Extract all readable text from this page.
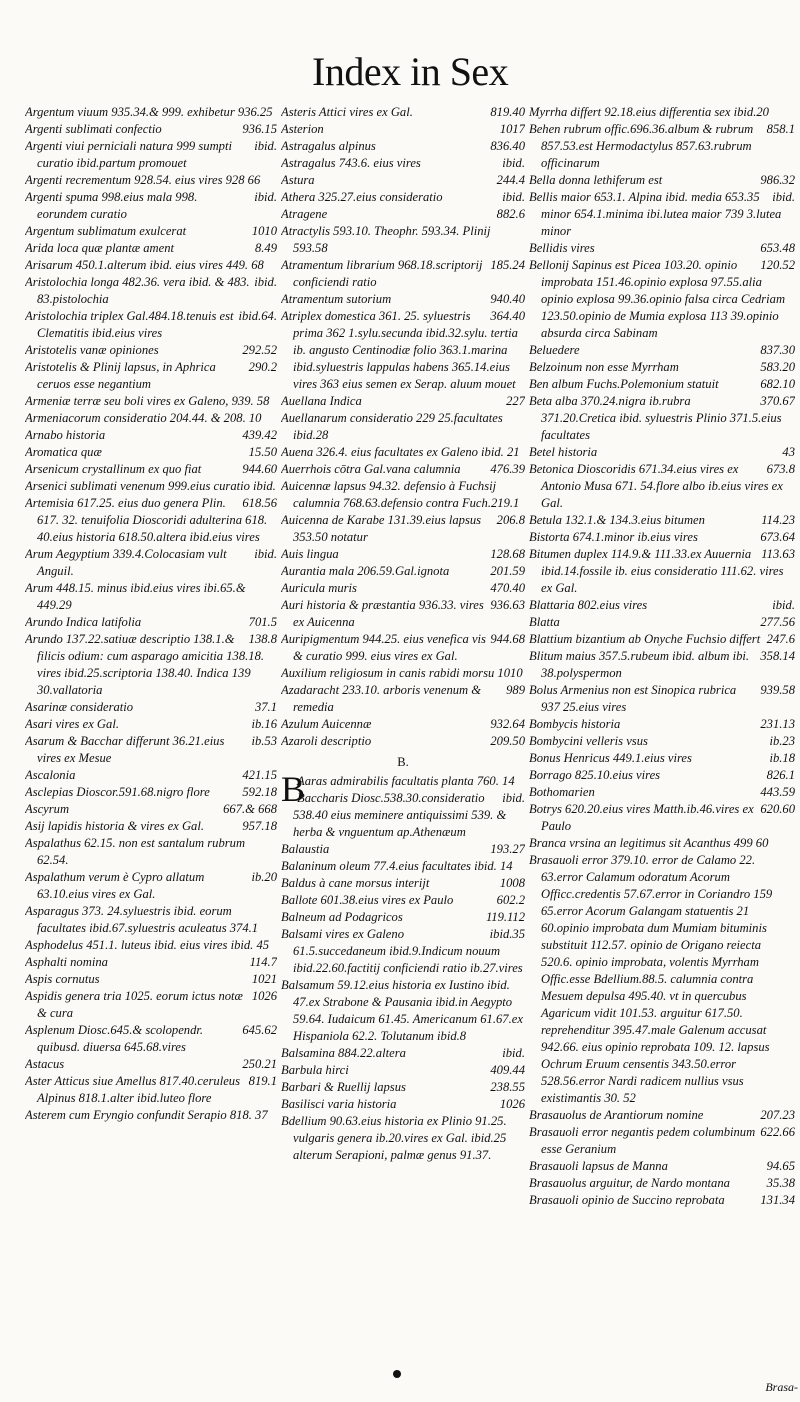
Index in Sex

Argentum viuum 935.34.& 999. exhibetur 936.25

936.15
Argenti sublimati confectio

ibid.
Argenti viui perniciali natura 999 sumpti curatio ibid.partum promouet

Argenti recrementum 928.54. eius vires 928 66

ibid.
Argenti spuma 998.eius mala 998. eorundem curatio

1010
Argentum sublimatum exulcerat

8.49
Arida loca quæ plantæ ament

Arisarum 450.1.alterum ibid. eius vires 449. 68

ibid.
Aristolochia longa 482.36. vera ibid. & 483. 83.pistolochia

ibid.64.
Aristolochia triplex Gal.484.18.tenuis est Clematitis ibid.eius vires

292.52
Aristotelis vanæ opiniones

290.2
Aristotelis & Plinij lapsus, in Aphrica ceruos esse negantium

Armeniæ terræ seu boli vires ex Galeno, 939. 58

Armeniacorum consideratio 204.44. & 208. 10

439.42
Arnabo historia

15.50
Aromatica quæ

944.60
Arsenicum crystallinum ex quo fiat

Arsenici sublimati venenum 999.eius curatio ibid.

618.56
Artemisia 617.25. eius duo genera Plin. 617. 32. tenuifolia Dioscoridi adulterina 618. 40.eius historia 618.50.altera ibid.eius vires

ibid.
Arum Aegyptium 339.4.Colocasiam vult Anguil.

Arum 448.15. minus ibid.eius vires ibi.65.& 449.29

701.5
Arundo Indica latifolia

138.8
Arundo 137.22.satiuæ descriptio 138.1.& filicis odium: cum asparago amicitia 138.18. vires ibid.25.scriptoria 138.40. Indica 139 30.vallatoria

37.1
Asarinæ consideratio

ib.16
Asari vires ex Gal.

ib.53
Asarum & Bacchar differunt 36.21.eius vires ex Mesue

421.15
Ascalonia

592.18
Asclepias Dioscor.591.68.nigro flore

667.& 668
Ascyrum

957.18
Asij lapidis historia & vires ex Gal.

Aspalathus 62.15. non est santalum rubrum 62.54.

ib.20
Aspalathum verum è Cypro allatum 63.10.eius vires ex Gal.

Asparagus 373. 24.syluestris ibid. eorum facultates ibid.67.syluestris aculeatus 374.1

Asphodelus 451.1. luteus ibid. eius vires ibid. 45

114.7
Asphalti nomina

1021
Aspis cornutus

1026
Aspidis genera tria 1025. eorum ictus notæ & cura

645.62
Asplenum Diosc.645.& scolopendr. quibusd. diuersa 645.68.vires

250.21
Astacus

819.1
Aster Atticus siue Amellus 817.40.ceruleus Alpinus 818.1.alter ibid.luteo flore

Asterem cum Eryngio confundit Serapio 818. 37

819.40
Asteris Attici vires ex Gal.

1017
Asterion

836.40
Astragalus alpinus

ibid.
Astragalus 743.6. eius vires

244.4
Astura

ibid.
Athera 325.27.eius consideratio

882.6
Atragene

Atractylis 593.10. Theophr. 593.34. Plinij 593.58

185.24
Atramentum librarium 968.18.scriptorij conficiendi ratio

940.40
Atramentum sutorium

364.40
Atriplex domestica 361. 25. syluestris prima 362 1.sylu.secunda ibid.32.sylu. tertia ib. angusto Centinodiæ folio 363.1.marina ibid.syluestris lappulas habens 365.14.eius vires 363 eius semen ex Serap. aluum mouet

227
Auellana Indica

Auellanarum consideratio 229 25.facultates ibid.28

Auena 326.4. eius facultates ex Galeno ibid. 21

476.39
Auerrhois cōtra Gal.vana calumnia

Auicennæ lapsus 94.32. defensio à Fuchsij calumnia 768.63.defensio contra Fuch.219.1

206.8
Auicenna de Karabe 131.39.eius lapsus 353.50 notatur

128.68
Auis lingua

201.59
Aurantia mala 206.59.Gal.ignota

470.40
Auricula muris

936.63
Auri historia & præstantia 936.33. vires ex Auicenna

944.68
Auripigmentum 944.25. eius venefica vis & curatio 999. eius vires ex Gal.

Auxilium religiosum in canis rabidi morsu 1010

989
Azadaracht 233.10. arboris venenum & remedia

932.64
Azulum Auicennæ

209.50
Azaroli descriptio

B.

B
Aaras admirabilis facultatis planta 760. 14

ibid.
Baccharis Diosc.538.30.consideratio 538.40 eius meminere antiquissimi 539. & herba & vnguentum ap.Athenæum

193.27
Balaustia

Balaninum oleum 77.4.eius facultates ibid. 14

1008
Baldus à cane morsus interijt

602.2
Ballote 601.38.eius vires ex Paulo

119.112
Balneum ad Podagricos

ibid.35
Balsami vires ex Galeno 61.5.succedaneum ibid.9.Indicum nouum ibid.22.60.factitij conficiendi ratio ib.27.vires

Balsamum 59.12.eius historia ex Iustino ibid. 47.ex Strabone & Pausania ibid.in Aegypto 59.64. Iudaicum 61.45. Americanum 61.67.ex Hispaniola 62.2. Tolutanum ibid.8

ibid.
Balsamina 884.22.altera

409.44
Barbula hirci

238.55
Barbari & Ruellij lapsus

1026
Basilisci varia historia

Bdellium 90.63.eius historia ex Plinio 91.25. vulgaris genera ib.20.vires ex Gal. ibid.25 alterum Serapioni, palmæ genus 91.37.

Myrrha differt 92.18.eius differentia sex ibid.20

858.1
Behen rubrum offic.696.36.album & rubrum 857.53.est Hermodactylus 857.63.rubrum officinarum

986.32
Bella donna lethiferum est

ibid.
Bellis maior 653.1. Alpina ibid. media 653.35 minor 654.1.minima ibi.lutea maior 739 3.lutea minor

653.48
Bellidis vires

120.52
Bellonij Sapinus est Picea 103.20. opinio improbata 151.46.opinio explosa 97.55.alia opinio explosa 99.36.opinio falsa circa Cedriam 123.50.opinio de Mumia explosa 113 39.opinio absurda circa Sabinam

837.30
Beluedere

583.20
Belzoinum non esse Myrrham

682.10
Ben album Fuchs.Polemonium statuit

370.67
Beta alba 370.24.nigra ib.rubra 371.20.Cretica ibid. syluestris Plinio 371.5.eius facultates

43
Betel historia

673.8
Betonica Dioscoridis 671.34.eius vires ex Antonio Musa 671. 54.flore albo ib.eius vires ex Gal.

114.23
Betula 132.1.& 134.3.eius bitumen

673.64
Bistorta 674.1.minor ib.eius vires

113.63
Bitumen duplex 114.9.& 111.33.ex Auuernia ibid.14.fossile ib. eius consideratio 111.62. vires ex Gal.

ibid.
Blattaria 802.eius vires

277.56
Blatta

247.6
Blattium bizantium ab Onyche Fuchsio differt

358.14
Blitum maius 357.5.rubeum ibid. album ibi. 38.polyspermon

939.58
Bolus Armenius non est Sinopica rubrica 937 25.eius vires

231.13
Bombycis historia

ib.23
Bombycini velleris vsus

ib.18
Bonus Henricus 449.1.eius vires

826.1
Borrago 825.10.eius vires

443.59
Bothomarien

620.60
Botrys 620.20.eius vires Matth.ib.46.vires ex Paulo

Branca vrsina an legitimus sit Acanthus 499 60

Brasauoli error 379.10. error de Calamo 22. 63.error Calamum odoratum Acorum Officc.credentis 57.67.error in Coriandro 159 65.error Acorum Galangam statuentis 21 60.opinio improbata dum Mumiam bituminis substituit 112.57. opinio de Origano reiecta 520.6. opinio improbata, volentis Myrrham Offic.esse Bdellium.88.5. calumnia contra Mesuem depulsa 495.40. vt in quercubus Agaricum vidit 101.53. arguitur 617.50. reprehenditur 395.47.male Galenum accusat 942.66. eius opinio reprobata 109. 12. lapsus Ochrum Eruum censentis 343.50.error 528.56.error Nardi radicem nullius vsus existimantis 30. 52

207.23
Brasauolus de Arantiorum nomine

622.66
Brasauoli error negantis pedem columbinum esse Geranium

94.65
Brasauoli lapsus de Manna

35.38
Brasauolus arguitur, de Nardo montana

131.34
Brasauoli opinio de Succino reprobata

Brasa-
